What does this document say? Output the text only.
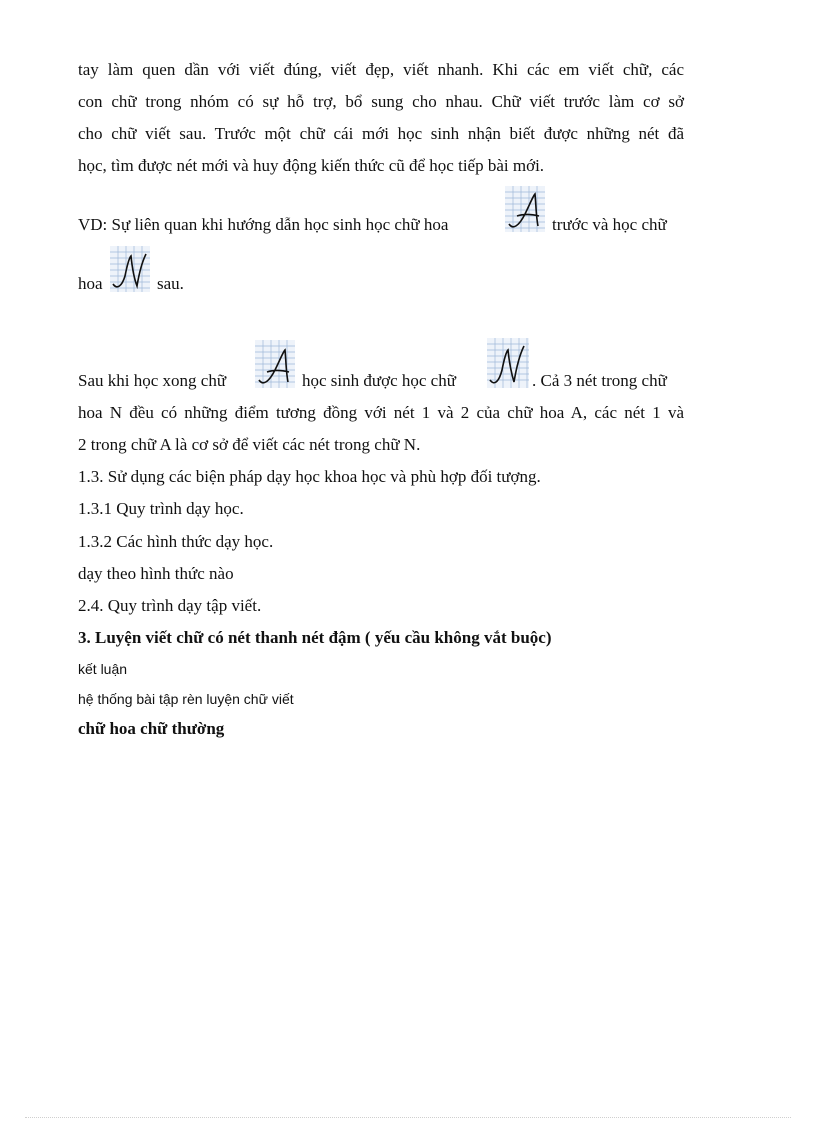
tay làm quen dần với viết đúng, viết đẹp, viết nhanh. Khi các em viết chữ, các
con chữ trong nhóm có sự hỗ trợ, bổ sung cho nhau. Chữ viết trước làm cơ sở
cho chữ viết sau. Trước một chữ cái mới học sinh nhận biết được những nét đã
học, tìm được nét mới và huy động kiến thức cũ để học tiếp bài mới.
VD: Sự liên quan khi hướng dẫn học sinh học chữ hoa	trước và học chữ
hoa	sau.
Sau khi học xong chữ	học sinh được học chữ	. Cả 3 nét trong chữ
hoa N đều có những điểm tương đồng với nét 1 và 2 của chữ hoa A, các nét 1 và
2 trong chữ A là cơ sở để viết các nét trong chữ N.
1.3. Sử dụng các biện pháp dạy học khoa học và phù hợp đối tượng.
1.3.1 Quy trình dạy học.
1.3.2 Các hình thức dạy học.
dạy theo hình thức nào
2.4. Quy trình dạy tập viết.
3. Luyện viết chữ có nét thanh nét đậm ( yếu cầu không vắt buộc)
kết luận
hệ thống bài tập rèn luyện chữ viết
chữ hoa chữ thường
